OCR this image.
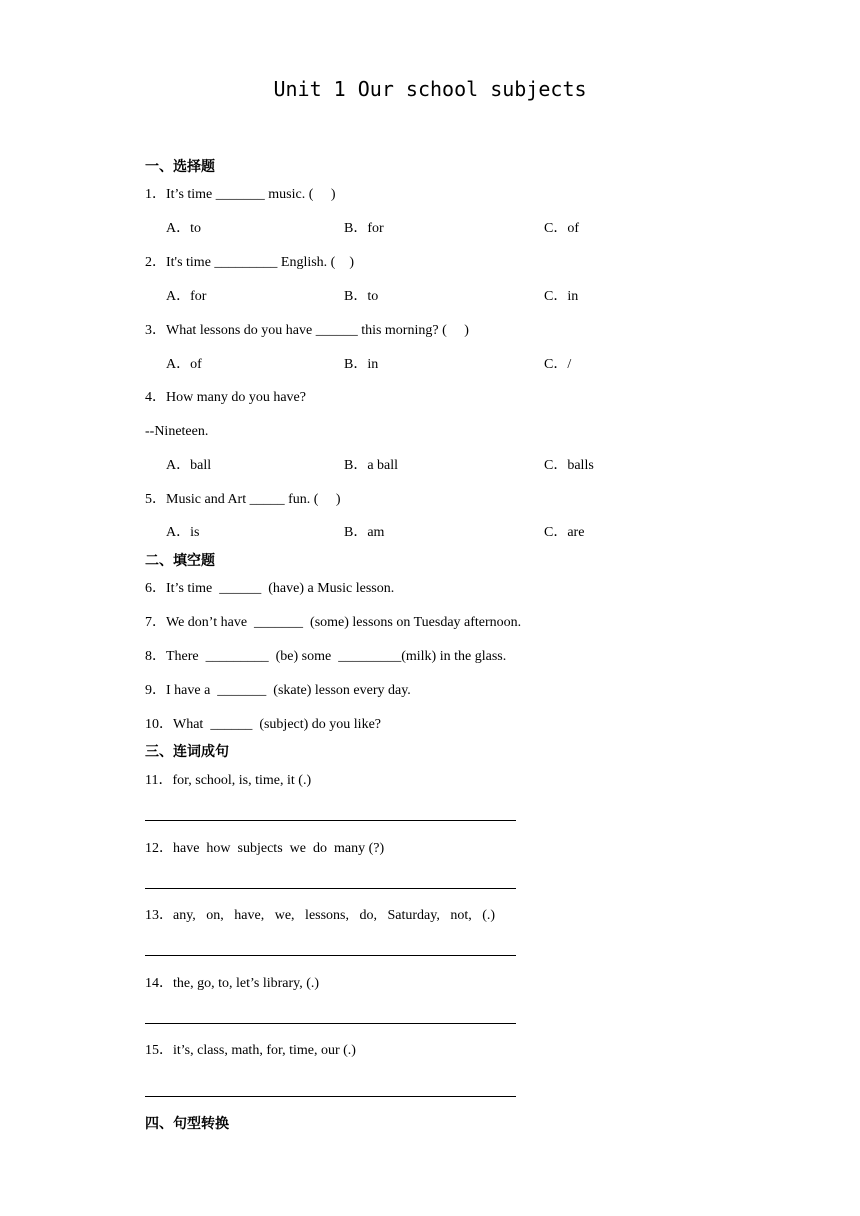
Unit 1 Our school subjects
一、选择题
1．It’s time _______ music. (     )
A．to	B．for	C．of
2．It's time _________ English. (    )
A．for	B．to	C．in
3．What lessons do you have ______ this morning? (     )
A．of	B．in	C．/
4．How many do you have?
--Nineteen.
A．ball	B．a ball	C．balls
5．Music and Art _____ fun. (     )
A．is	B．am	C．are
二、填空题
6．It’s time  ______  (have) a Music lesson.
7．We don’t have  _______  (some) lessons on Tuesday afternoon.
8．There  _________  (be) some  _________(milk) in the glass.
9．I have a  _______  (skate) lesson every day.
10．What  ______  (subject) do you like?
三、连词成句
11．for, school, is, time, it (.)
12．have  how  subjects  we  do  many (?)
13．any,   on,   have,   we,   lessons,   do,   Saturday,   not,   (.)
14．the, go, to, let’s library, (.)
15．it’s, class, math, for, time, our (.)
四、句型转换
